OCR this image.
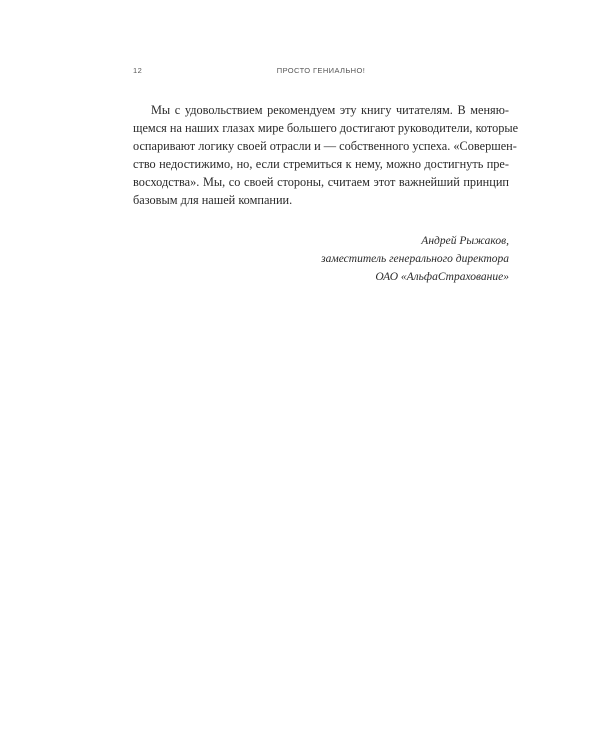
12	ПРОСТО ГЕНИАЛЬНО!
Мы с удовольствием рекомендуем эту книгу читателям. В меняю-
щемся на наших глазах мире большего достигают руководители, которые
оспаривают логику своей отрасли и — собственного успеха. «Совершен-
ство недостижимо, но, если стремиться к нему, можно достигнуть пре-
восходства». Мы, со своей стороны, считаем этот важнейший принцип
базовым для нашей компании.
Андрей Рыжаков,
заместитель генерального директора
ОАО «АльфаСтрахование»
